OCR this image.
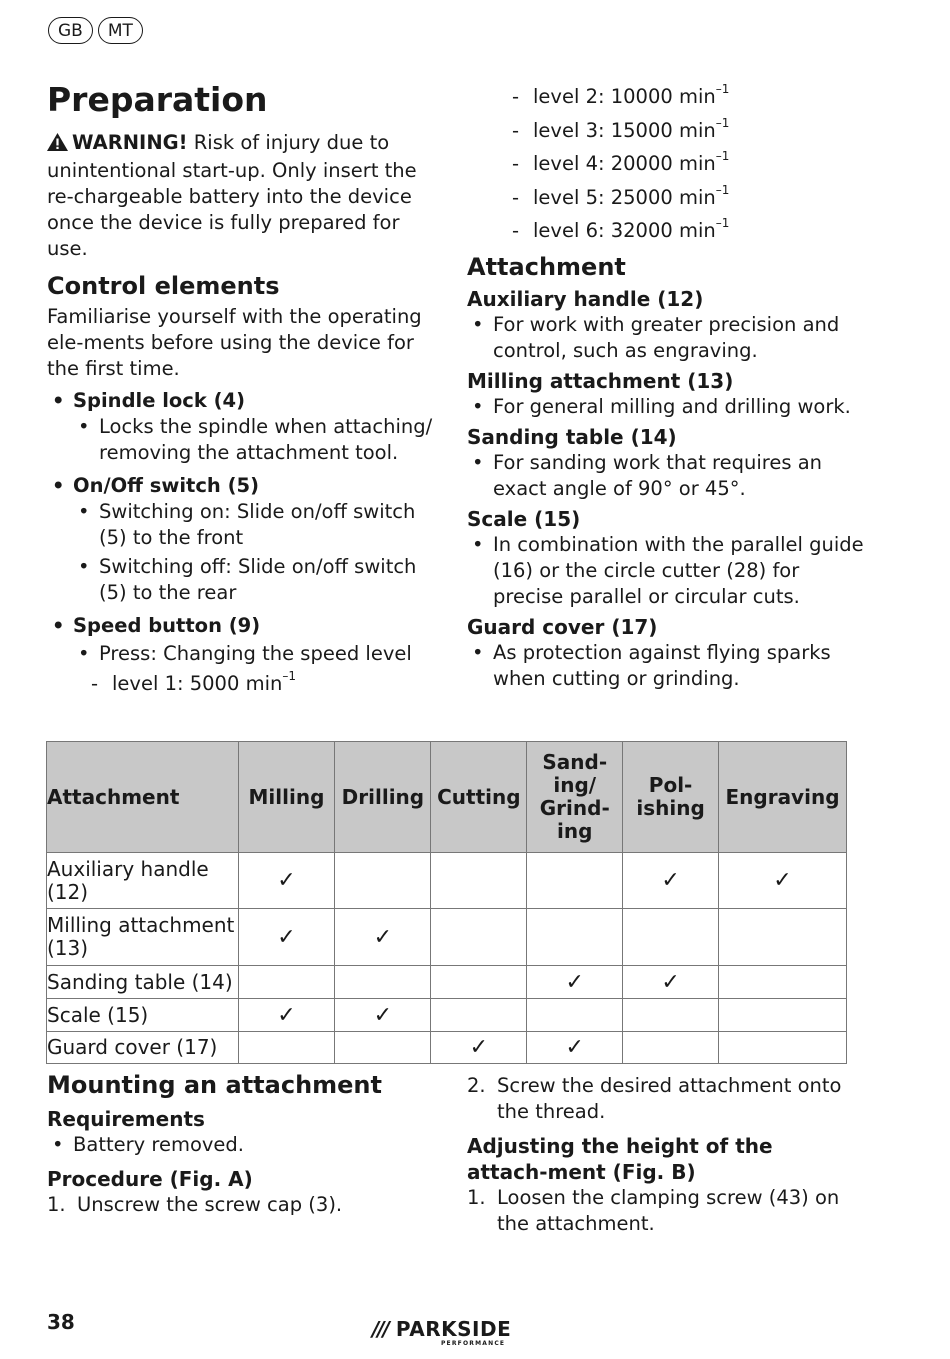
GB	MT
Preparation

WARNING! Risk of injury due to unintentional start-up. Only insert the re-chargeable battery into the device once the device is fully prepared for use.

Control elements

Familiarise yourself with the operating ele-ments before using the device for the first time.

• Spindle lock (4)
• Locks the spindle when attaching/ removing the attachment tool.
• On/Off switch (5)
• Switching on: Slide on/off switch (5) to the front
• Switching off: Slide on/off switch (5) to the rear
• Speed button (9)
• Press: Changing the speed level
- level 1: 5000 $\min^{-1}$
- level 2: 10000 $\min^{-1}$
- level 3: 15000 $\min^{-1}$
- level 4: 20000 $\min^{-1}$
- level 5: 25000 $\min^{-1}$
- level 6: 32000 $\min^{-1}$
Attachment
Auxiliary handle (12)
• For work with greater precision and control, such as engraving.
Milling attachment (13)
• For general milling and drilling work.
Sanding table (14)
• For sanding work that requires an exact angle of 90° or 45°.
Scale (15)
• In combination with the parallel guide (16) or the circle cutter (28) for precise parallel or circular cuts.
Guard cover (17)
• As protection against flying sparks when cutting or grinding.
Attachment	Milling	Drilling	Cutting	Sand- ing/ Grind- ing	Pol- ishing	Engraving
Auxiliary handle (12)	✓				✓	✓
Milling attachment (13)	✓	✓				
Sanding table (14)				✓	✓	
Scale (15)	✓	✓				
Guard cover (17)			✓	✓		
Mounting an attachment
Requirements
• Battery removed.
Procedure (Fig. A)

1. Unscrew the screw cap (3).

2. Screw the desired attachment onto the thread.

Adjusting the height of the attach-ment (Fig. B)

1. Loosen the clamping screw (43) on the attachment.

38	/// PARKSIDE
PERFORMANCE
